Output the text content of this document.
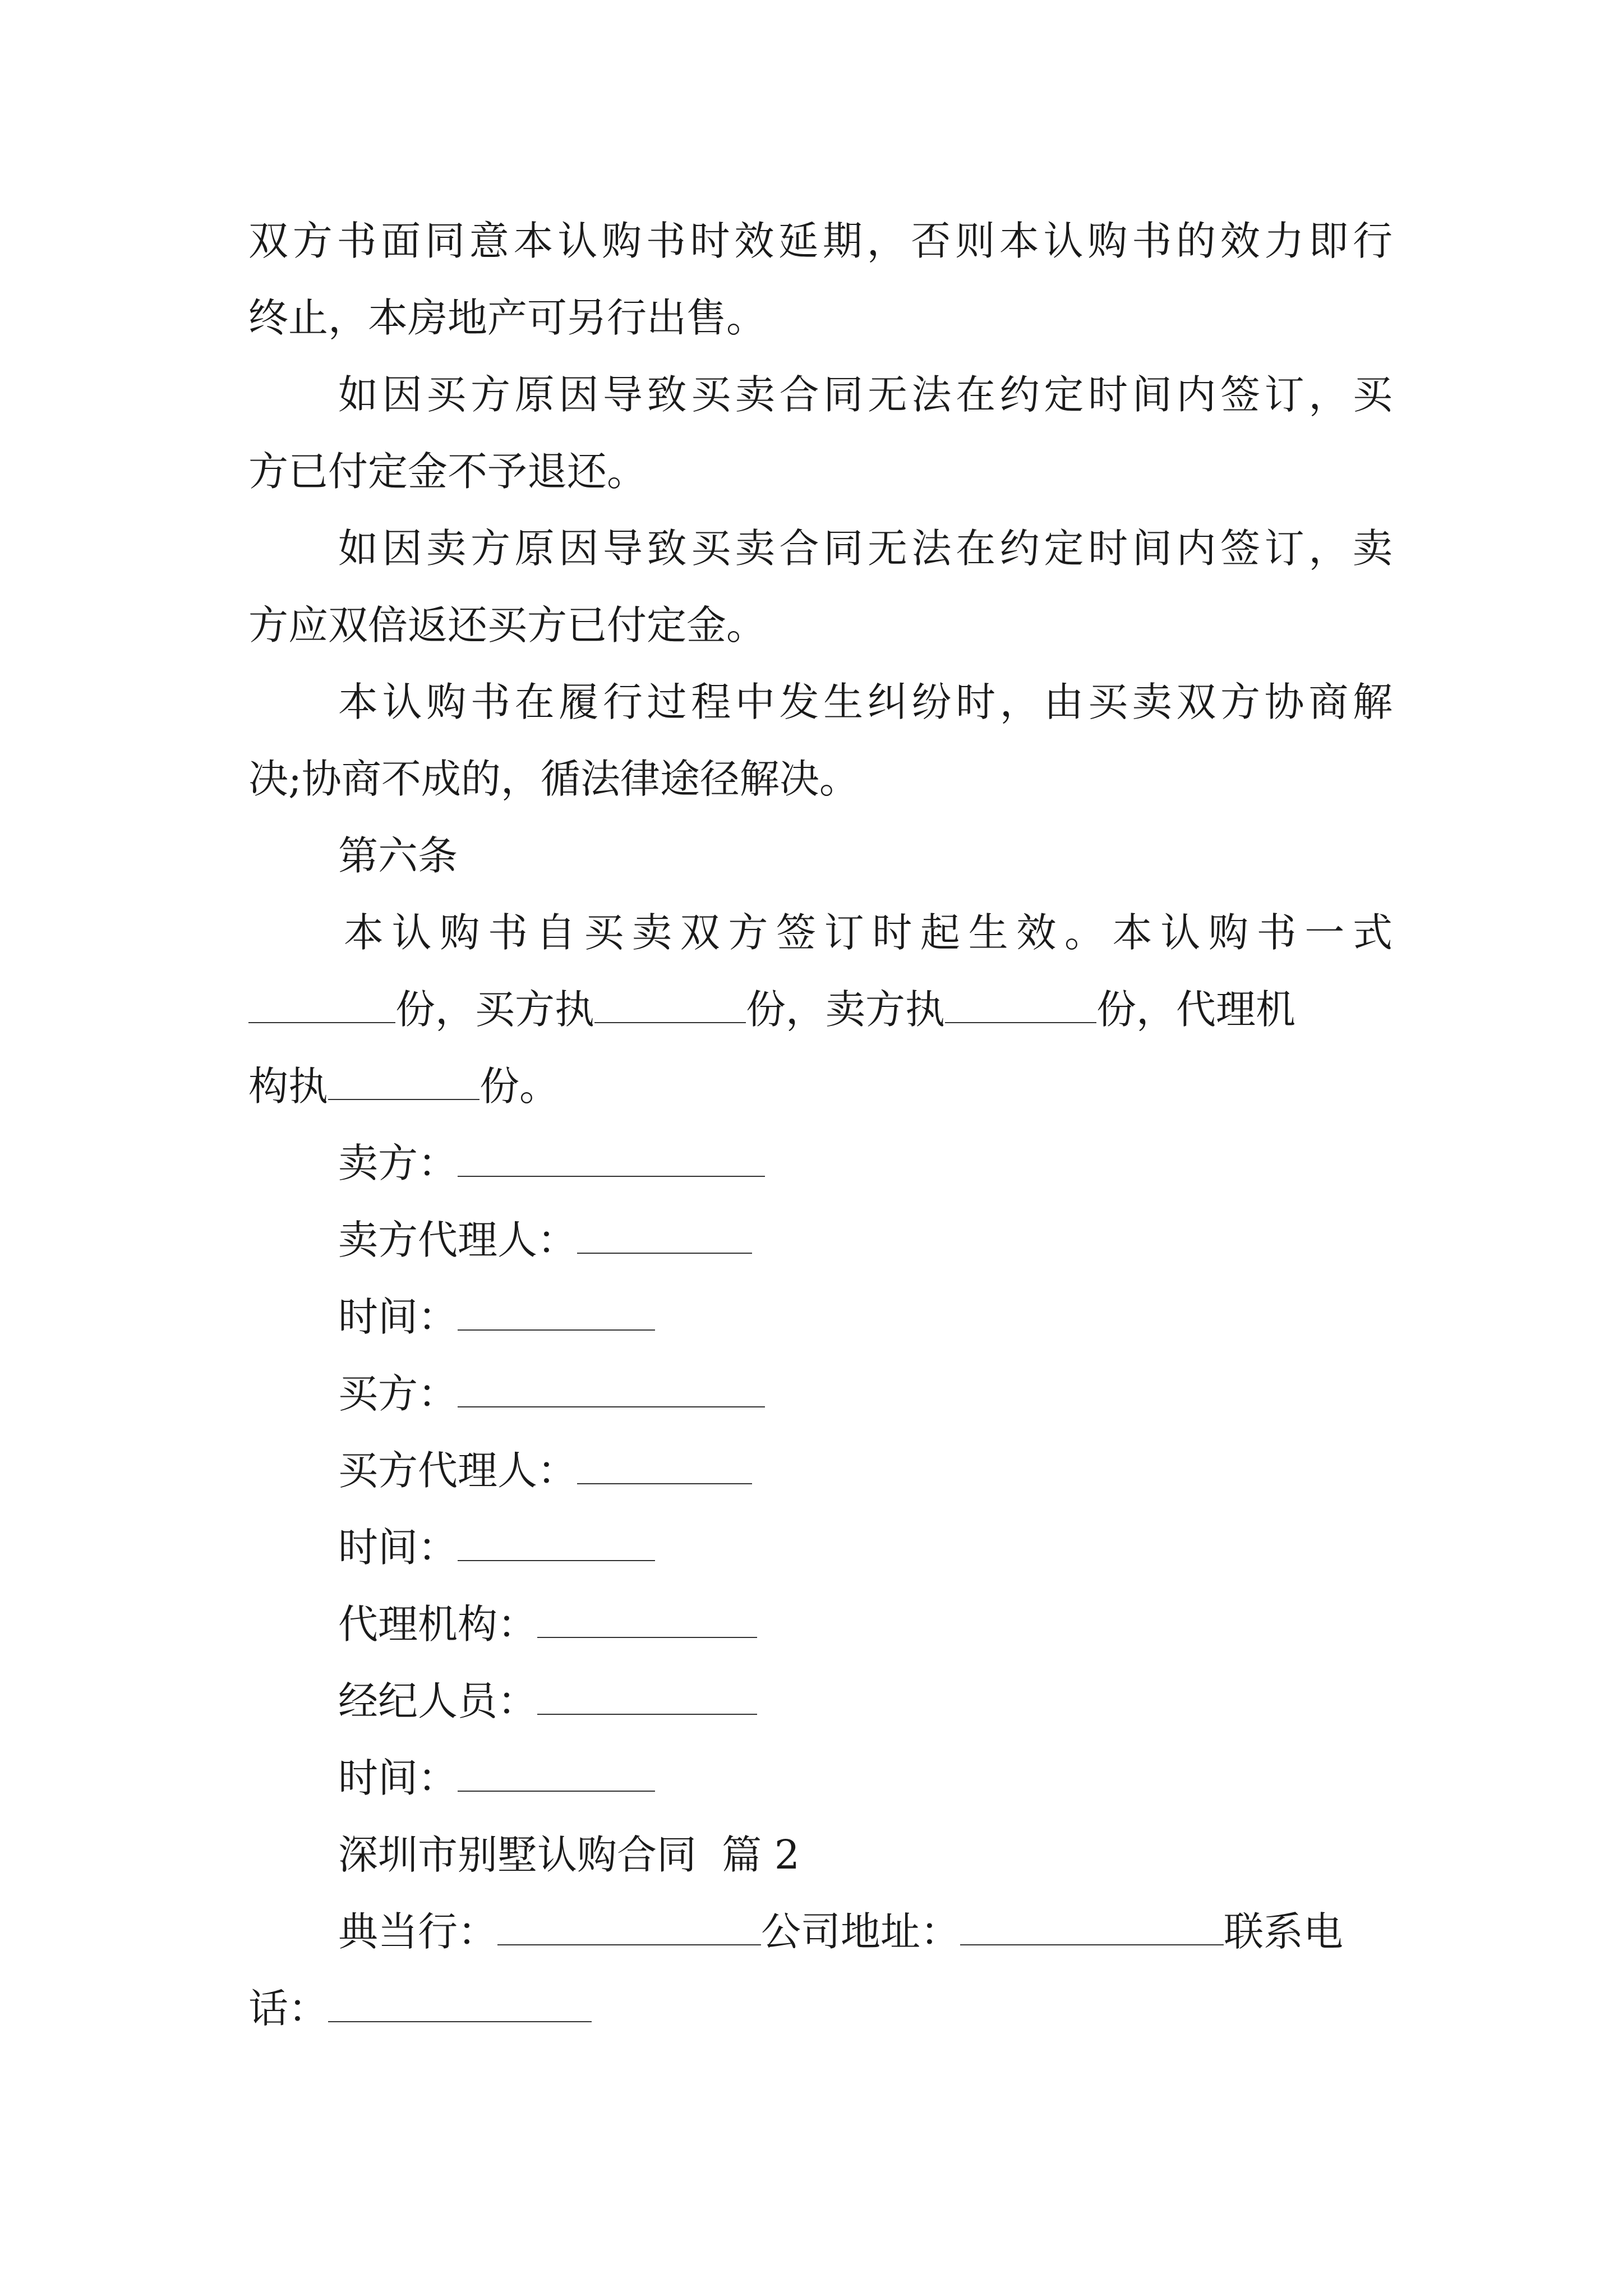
双方书面同意本认购书时效延期，否则本认购书的效力即行
终止，本房地产可另行出售。
如因买方原因导致买卖合同无法在约定时间内签订，买
方已付定金不予退还。
如因卖方原因导致买卖合同无法在约定时间内签订，卖
方应双倍返还买方已付定金。
本认购书在履行过程中发生纠纷时，由买卖双方协商解
决;协商不成的，循法律途径解决。
第六条
本认购书自买卖双方签订时起生效。本认购书一式
份，买方执	份，卖方执	份，代理机
构执	份。
卖方：
卖方代理人：
时间：
买方：
买方代理人：
时间：
代理机构：
经纪人员：
时间：
深圳市别墅认购合同  篇 2
典当行：	公司地址：	联系电
话：
